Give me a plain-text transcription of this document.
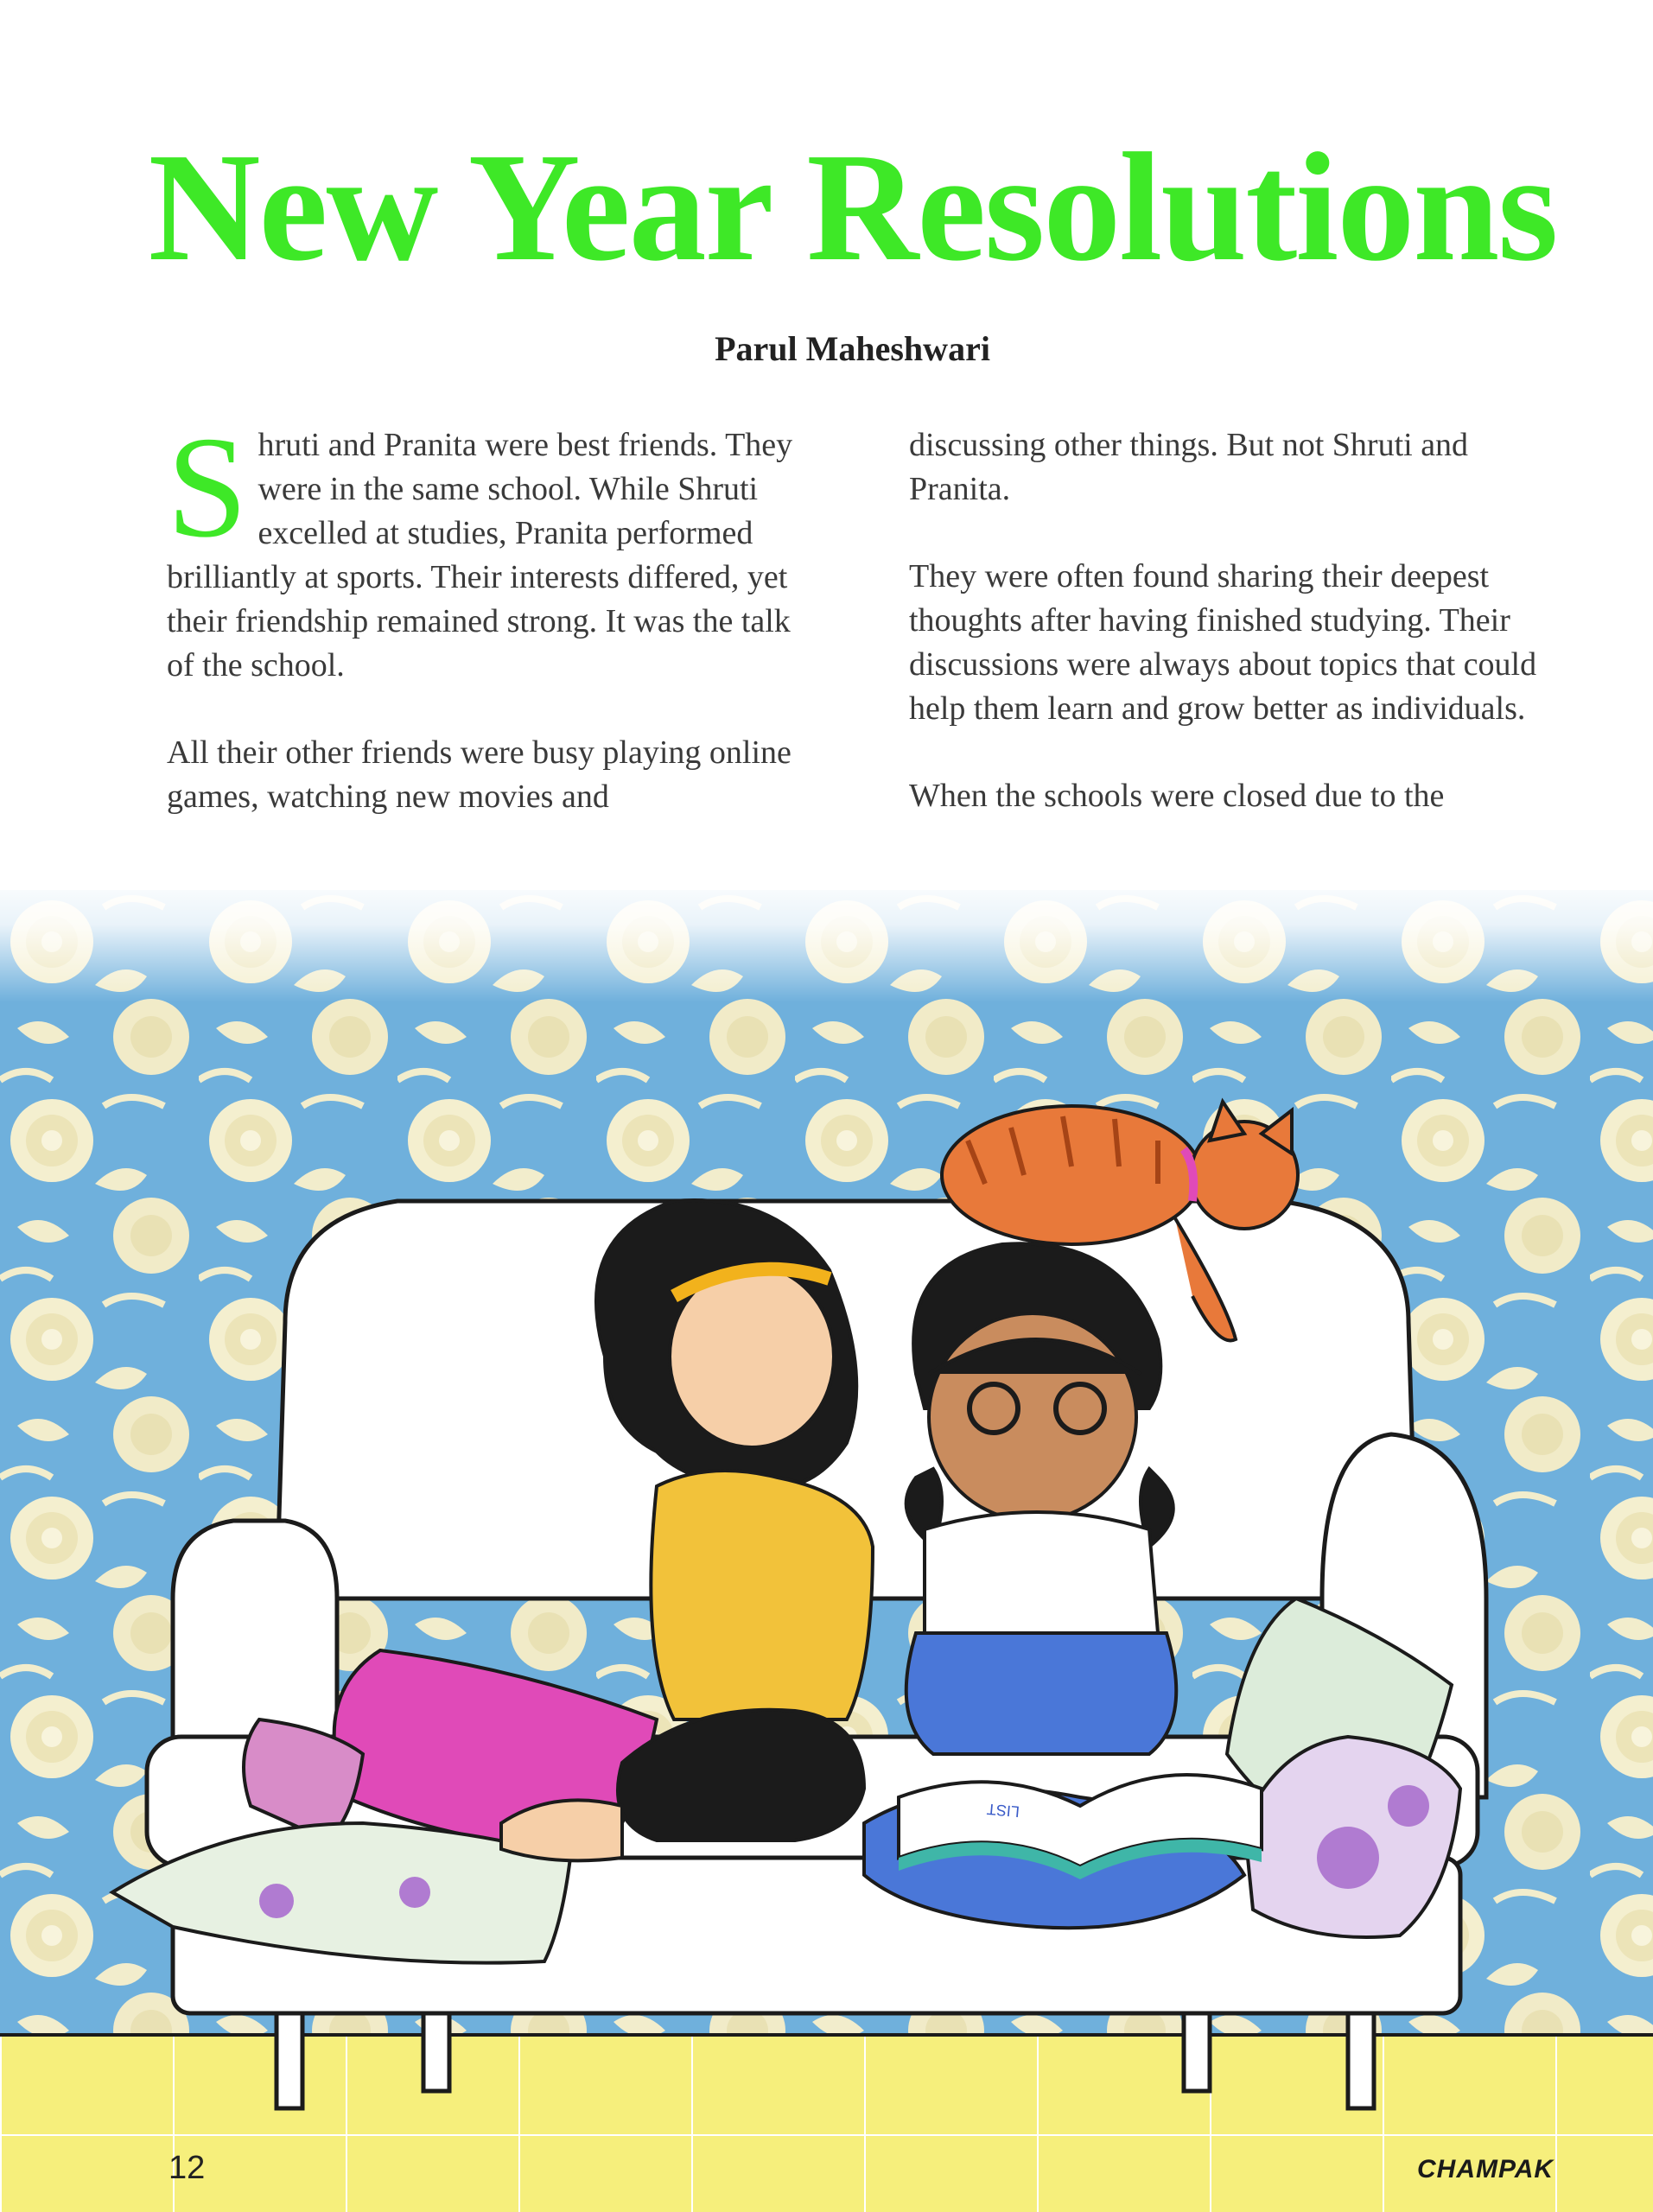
New Year Resolutions
Parul Maheshwari

Shruti and Pranita were best friends. They were in the same school. While Shruti excelled at studies, Pranita performed brilliantly at sports. Their interests differed, yet their friendship remained strong. It was the talk of the school.

All their other friends were busy playing online games, watching new movies and

discussing other things. But not Shruti and Pranita.

They were often found sharing their deepest thoughts after having finished studying. Their discussions were always about topics that could help them learn and grow better as individuals.

When the schools were closed due to the

LIST
12	CHAMPAK
